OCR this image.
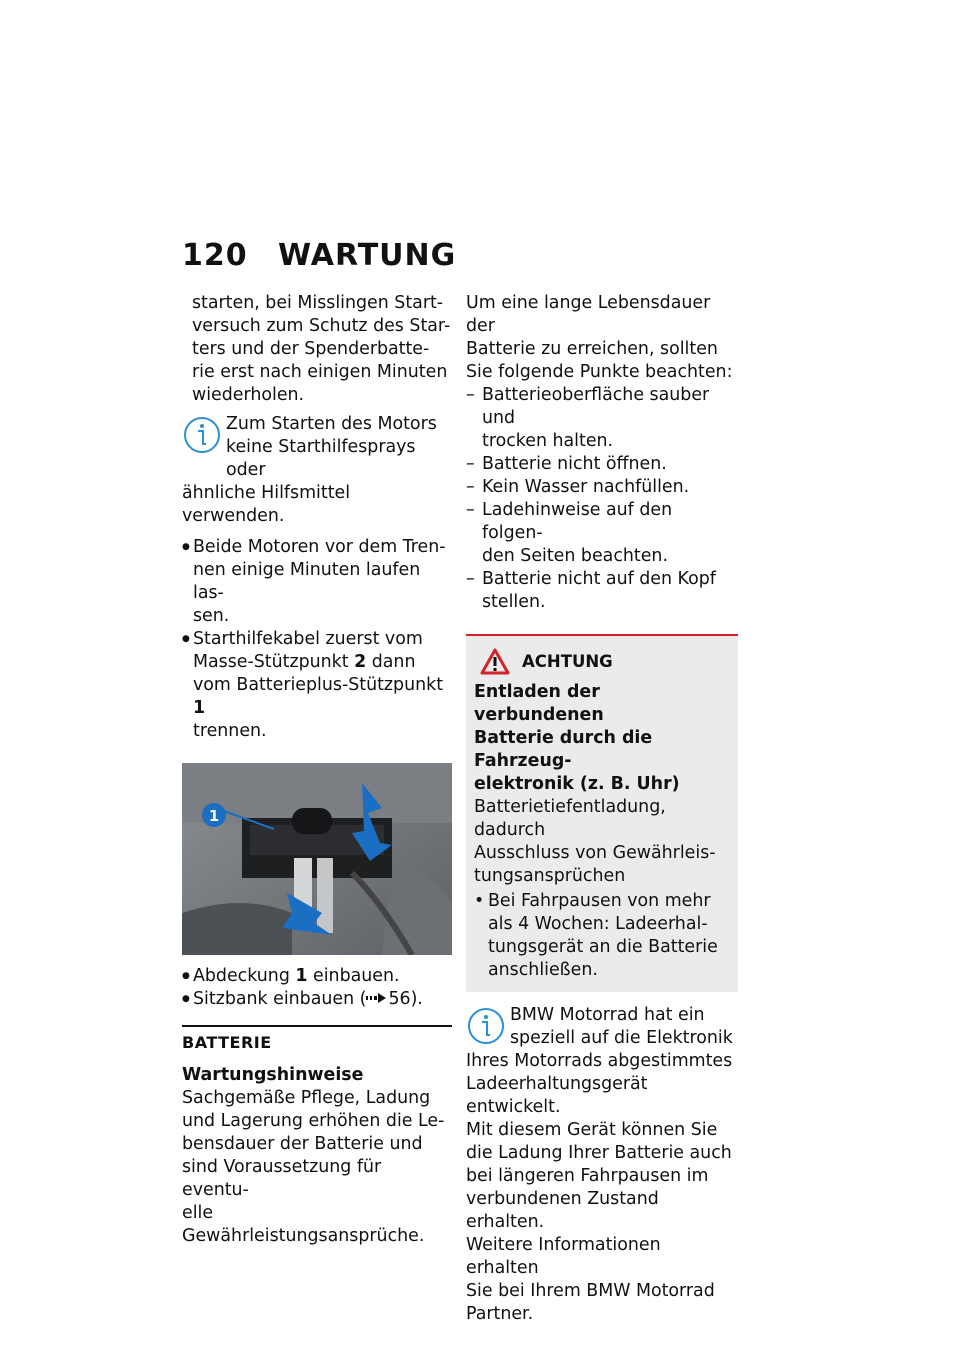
120 WARTUNG

starten, bei Misslingen Start-

versuch zum Schutz des Star-

ters und der Spenderbatte-

rie erst nach einigen Minuten

wiederholen.

Zum Starten des Motors

keine Starthilfesprays oder

ähnliche Hilfsmittel verwenden.

● Beide Motoren vor dem Tren-

nen einige Minuten laufen las-

sen.

● Starthilfekabel zuerst vom

Masse-Stützpunkt 2 dann

vom Batterieplus-Stützpunkt 1

trennen.

1

● Abdeckung 1 einbauen.

● Sitzbank einbauen ( 56).

BATTERIE
Wartungshinweise

Sachgemäße Pflege, Ladung

und Lagerung erhöhen die Le-

bensdauer der Batterie und

sind Voraussetzung für eventu-

elle Gewährleistungsansprüche.

Um eine lange Lebensdauer der

Batterie zu erreichen, sollten

Sie folgende Punkte beachten:

– Batterieoberfläche sauber und

trocken halten.

– Batterie nicht öffnen.

– Kein Wasser nachfüllen.

– Ladehinweise auf den folgen-

den Seiten beachten.

– Batterie nicht auf den Kopf

stellen.

ACHTUNG

Entladen der verbundenen

Batterie durch die Fahrzeug-

elektronik (z. B. Uhr)

Batterietiefentladung, dadurch

Ausschluss von Gewährleis-

tungsansprüchen

• Bei Fahrpausen von mehr

als 4 Wochen: Ladeerhal-

tungsgerät an die Batterie

anschließen.

BMW Motorrad hat ein

speziell auf die Elektronik

Ihres Motorrads abgestimmtes

Ladeerhaltungsgerät entwickelt.

Mit diesem Gerät können Sie

die Ladung Ihrer Batterie auch

bei längeren Fahrpausen im

verbundenen Zustand erhalten.

Weitere Informationen erhalten

Sie bei Ihrem BMW Motorrad

Partner.
